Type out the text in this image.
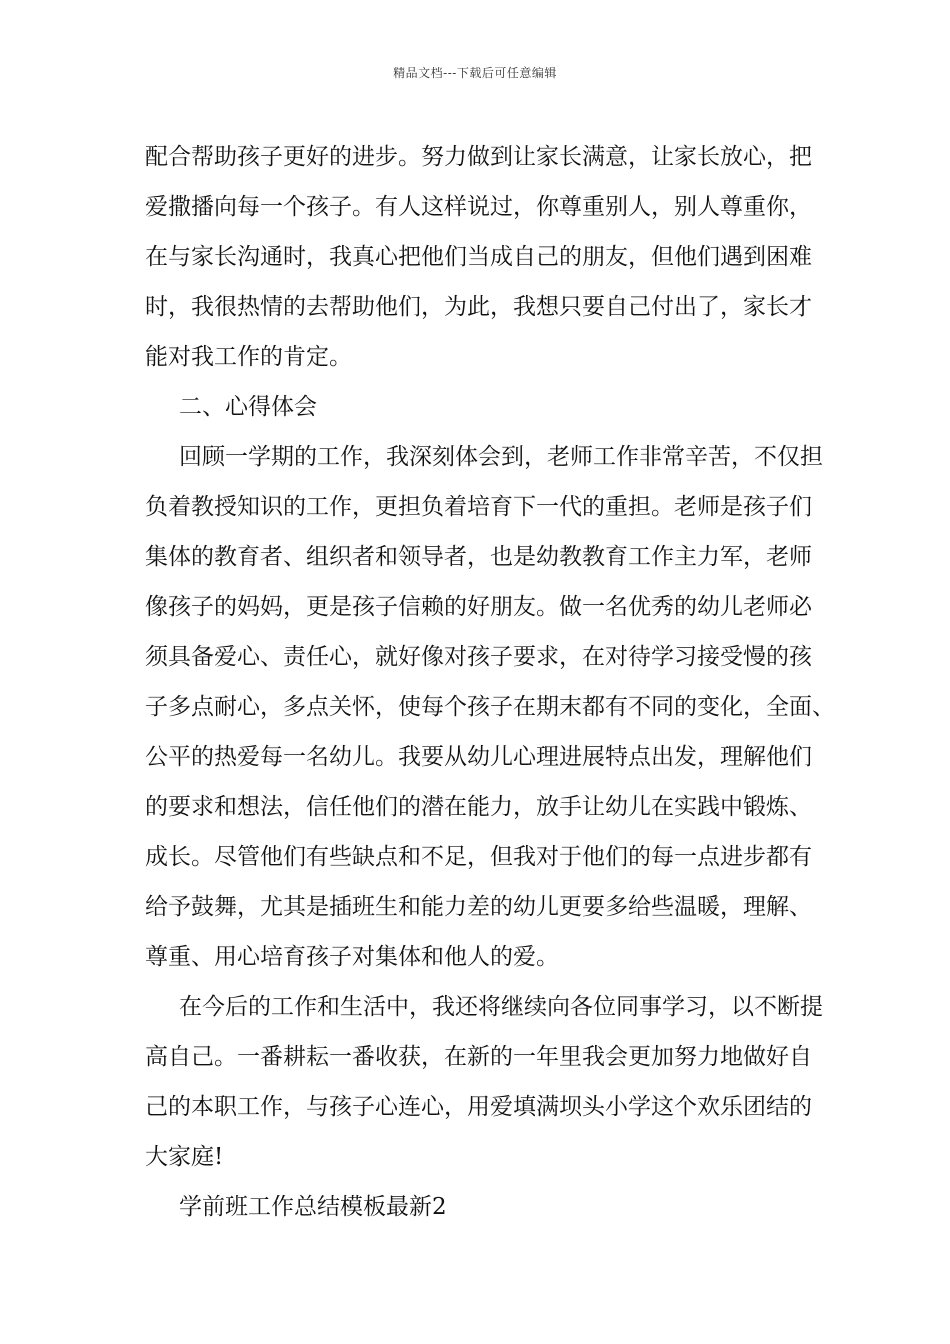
精品文档---下载后可任意编辑
配合帮助孩子更好的进步。努力做到让家长满意，让家长放心，把
爱撒播向每一个孩子。有人这样说过，你尊重别人，别人尊重你，
在与家长沟通时，我真心把他们当成自己的朋友，但他们遇到困难
时，我很热情的去帮助他们，为此，我想只要自己付出了，家长才
能对我工作的肯定。
二、心得体会
回顾一学期的工作，我深刻体会到，老师工作非常辛苦，不仅担
负着教授知识的工作，更担负着培育下一代的重担。老师是孩子们
集体的教育者、组织者和领导者，也是幼教教育工作主力军，老师
像孩子的妈妈，更是孩子信赖的好朋友。做一名优秀的幼儿老师必
须具备爱心、责任心，就好像对孩子要求，在对待学习接受慢的孩
子多点耐心，多点关怀，使每个孩子在期末都有不同的变化，全面、
公平的热爱每一名幼儿。我要从幼儿心理进展特点出发，理解他们
的要求和想法，信任他们的潜在能力，放手让幼儿在实践中锻炼、
成长。尽管他们有些缺点和不足，但我对于他们的每一点进步都有
给予鼓舞，尤其是插班生和能力差的幼儿更要多给些温暖，理解、
尊重、用心培育孩子对集体和他人的爱。
在今后的工作和生活中，我还将继续向各位同事学习，以不断提
高自己。一番耕耘一番收获，在新的一年里我会更加努力地做好自
己的本职工作，与孩子心连心，用爱填满坝头小学这个欢乐团结的
大家庭!
学前班工作总结模板最新2
